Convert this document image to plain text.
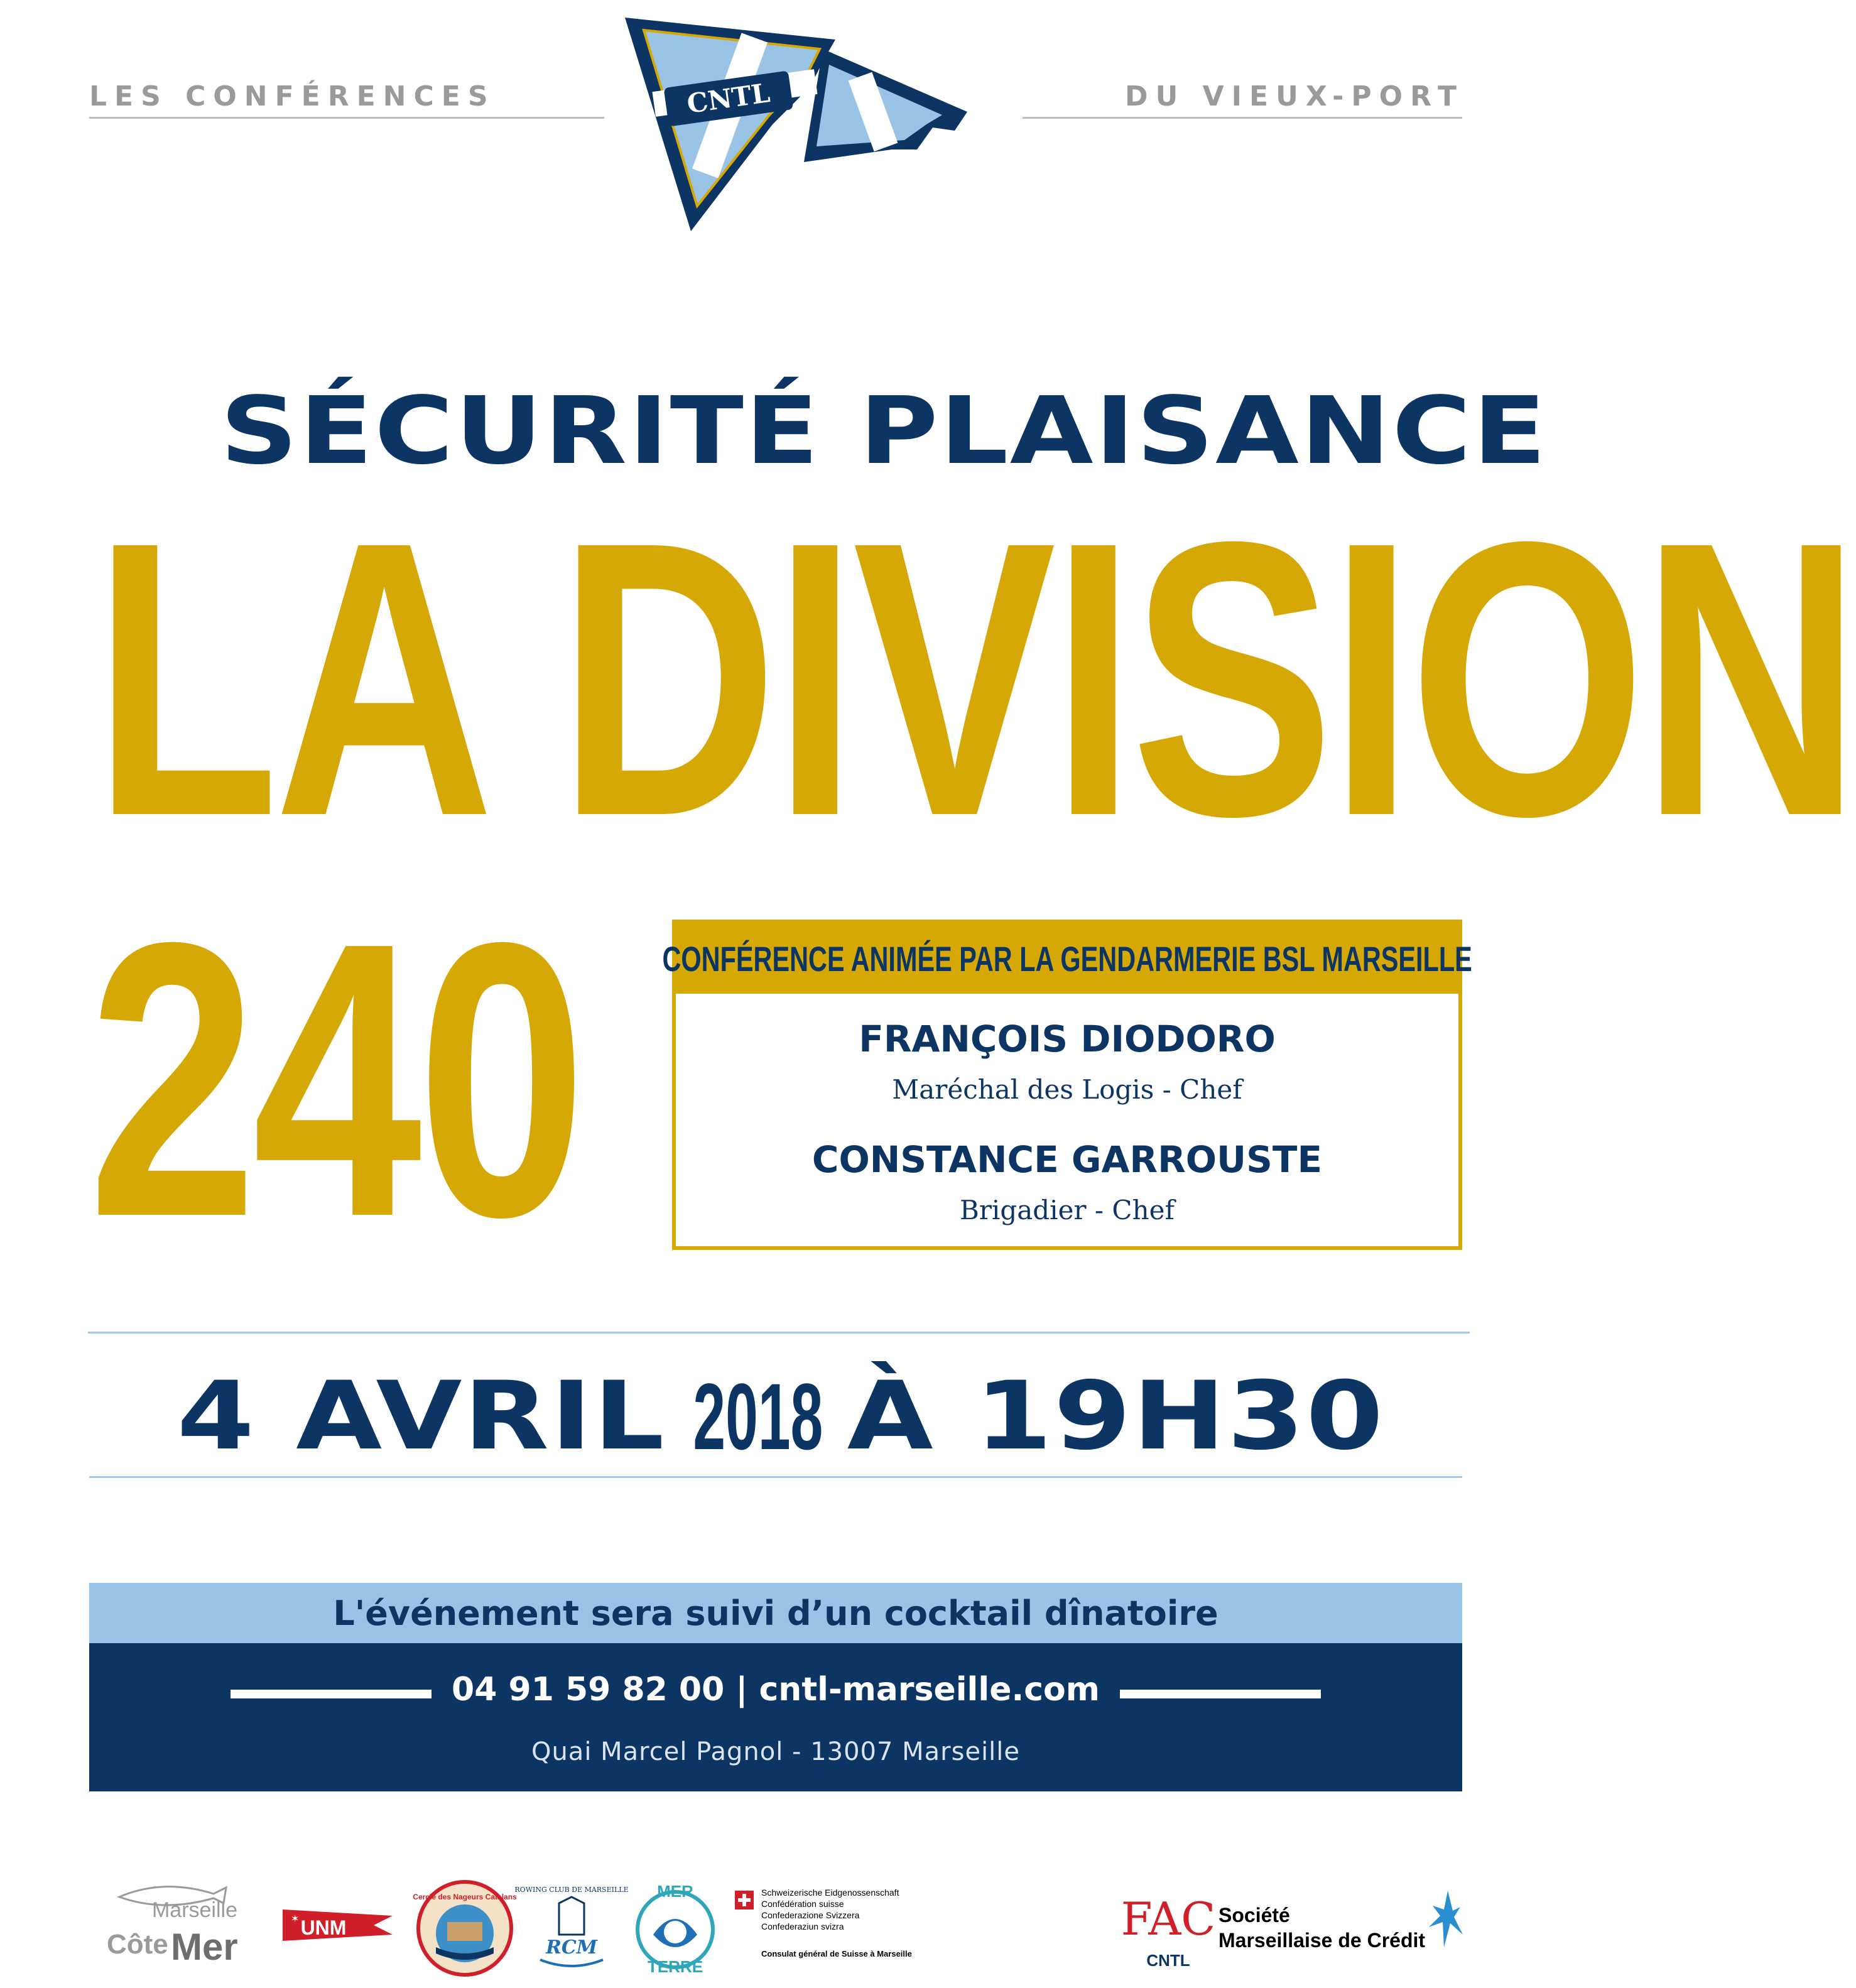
LES CONFÉRENCES	DU VIEUX-PORT
CNTL
SÉCURITÉ PLAISANCE
LA DIVISION
240 CONFÉRENCE ANIMÉE PAR LA GENDARMERIE BSL MARSEILLE
FRANÇOIS DIODORO
Maréchal des Logis - Chef
CONSTANCE GARROUSTE
Brigadier - Chef
4 AVRIL 2018 À 19H30
L'événement sera suivi d’un cocktail dînatoire
04 91 59 82 00 | cntl-marseille.com
Quai Marcel Pagnol - 13007 Marseille
Marseille
Côte Mer	UNM
✶
Cercle des Nageurs Catalans
ROWING CLUB DE MARSEILLE
RCM
MER
TERRE
Schweizerische Eidgenossenschaft
Confédération suisse
Confederazione Svizzera
Confederaziun svizra
Consulat général de Suisse à Marseille
FAC
CNTL
Société
Marseillaise de Crédit
